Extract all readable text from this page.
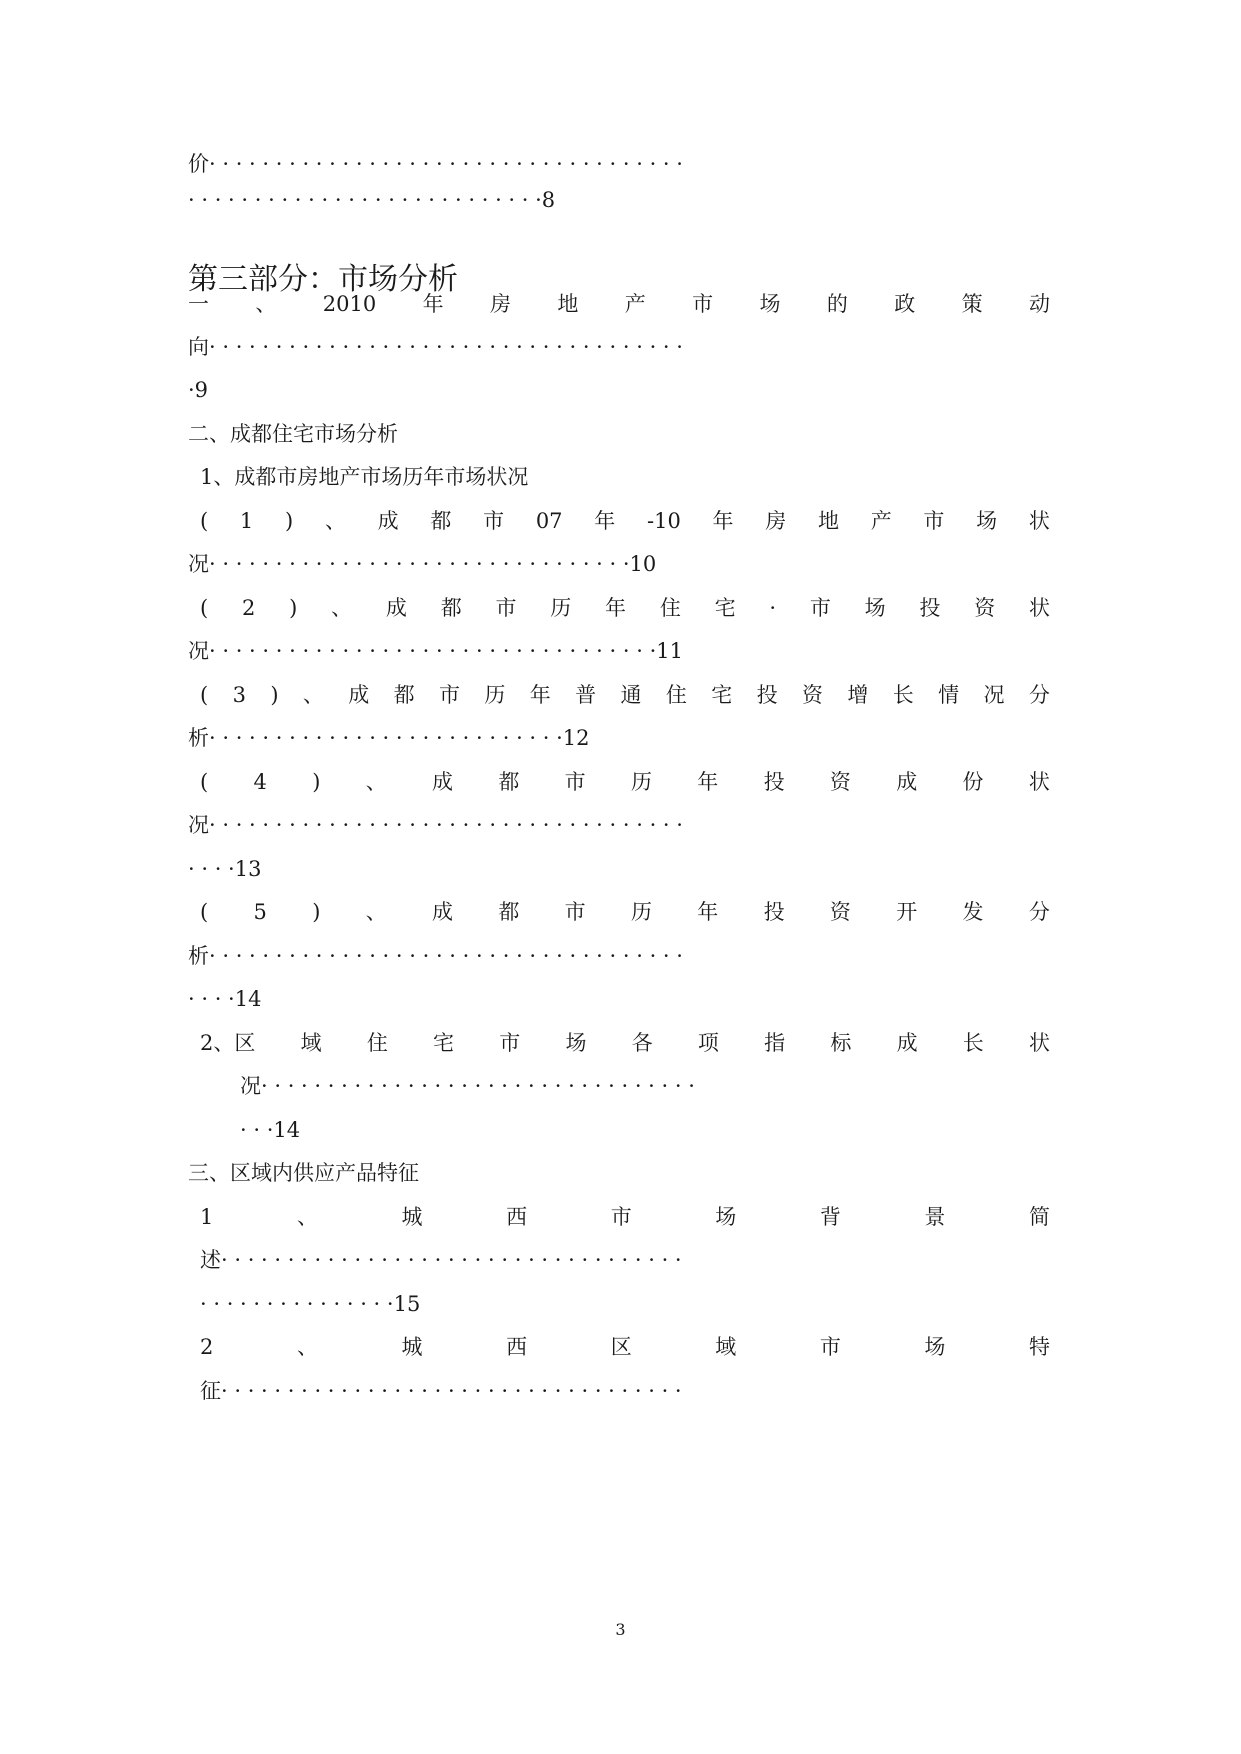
价· · · · · · · · · · · · · · · · · · · · · · · · · · · · · · · · · · · ·
· · · · · · · · · · · · · · · · · · · · · · · · · · ·8
第三部分：市场分析
一 、 2010 年 房 地 产 市 场 的 政 策 动
向· · · · · · · · · · · · · · · · · · · · · · · · · · · · · · · · · · · ·
·9
二、成都住宅市场分析
1、成都市房地产市场历年市场状况
( 1 ) 、 成 都 市 07 年 -10 年 房 地 产 市 场 状
况· · · · · · · · · · · · · · · · · · · · · · · · · · · · · · · ·10
( 2 ) 、 成 都 市 历 年 住 宅 · 市 场 投 资 状
况· · · · · · · · · · · · · · · · · · · · · · · · · · · · · · · · · ·11
( 3 ) 、 成 都 市 历 年 普 通 住 宅 投 资 增 长 情 况 分
析· · · · · · · · · · · · · · · · · · · · · · · · · · ·12
( 4 ) 、 成 都 市 历 年 投 资 成 份 状
况· · · · · · · · · · · · · · · · · · · · · · · · · · · · · · · · · · · ·
· · · ·13
( 5 ) 、 成 都 市 历 年 投 资 开 发 分
析· · · · · · · · · · · · · · · · · · · · · · · · · · · · · · · · · · · ·
· · · ·14
2、区 域 住 宅 市 场 各 项 指 标 成 长 状
况· · · · · · · · · · · · · · · · · · · · · · · · · · · · · · · · ·
· · ·14
三、区域内供应产品特征
1	、	城	西	市	场	背	景	简
述· · · · · · · · · · · · · · · · · · · · · · · · · · · · · · · · · · ·
· · · · · · · · · · · · · · ·15
2	、	城	西	区	域	市	场	特
征· · · · · · · · · · · · · · · · · · · · · · · · · · · · · · · · · · ·
3
